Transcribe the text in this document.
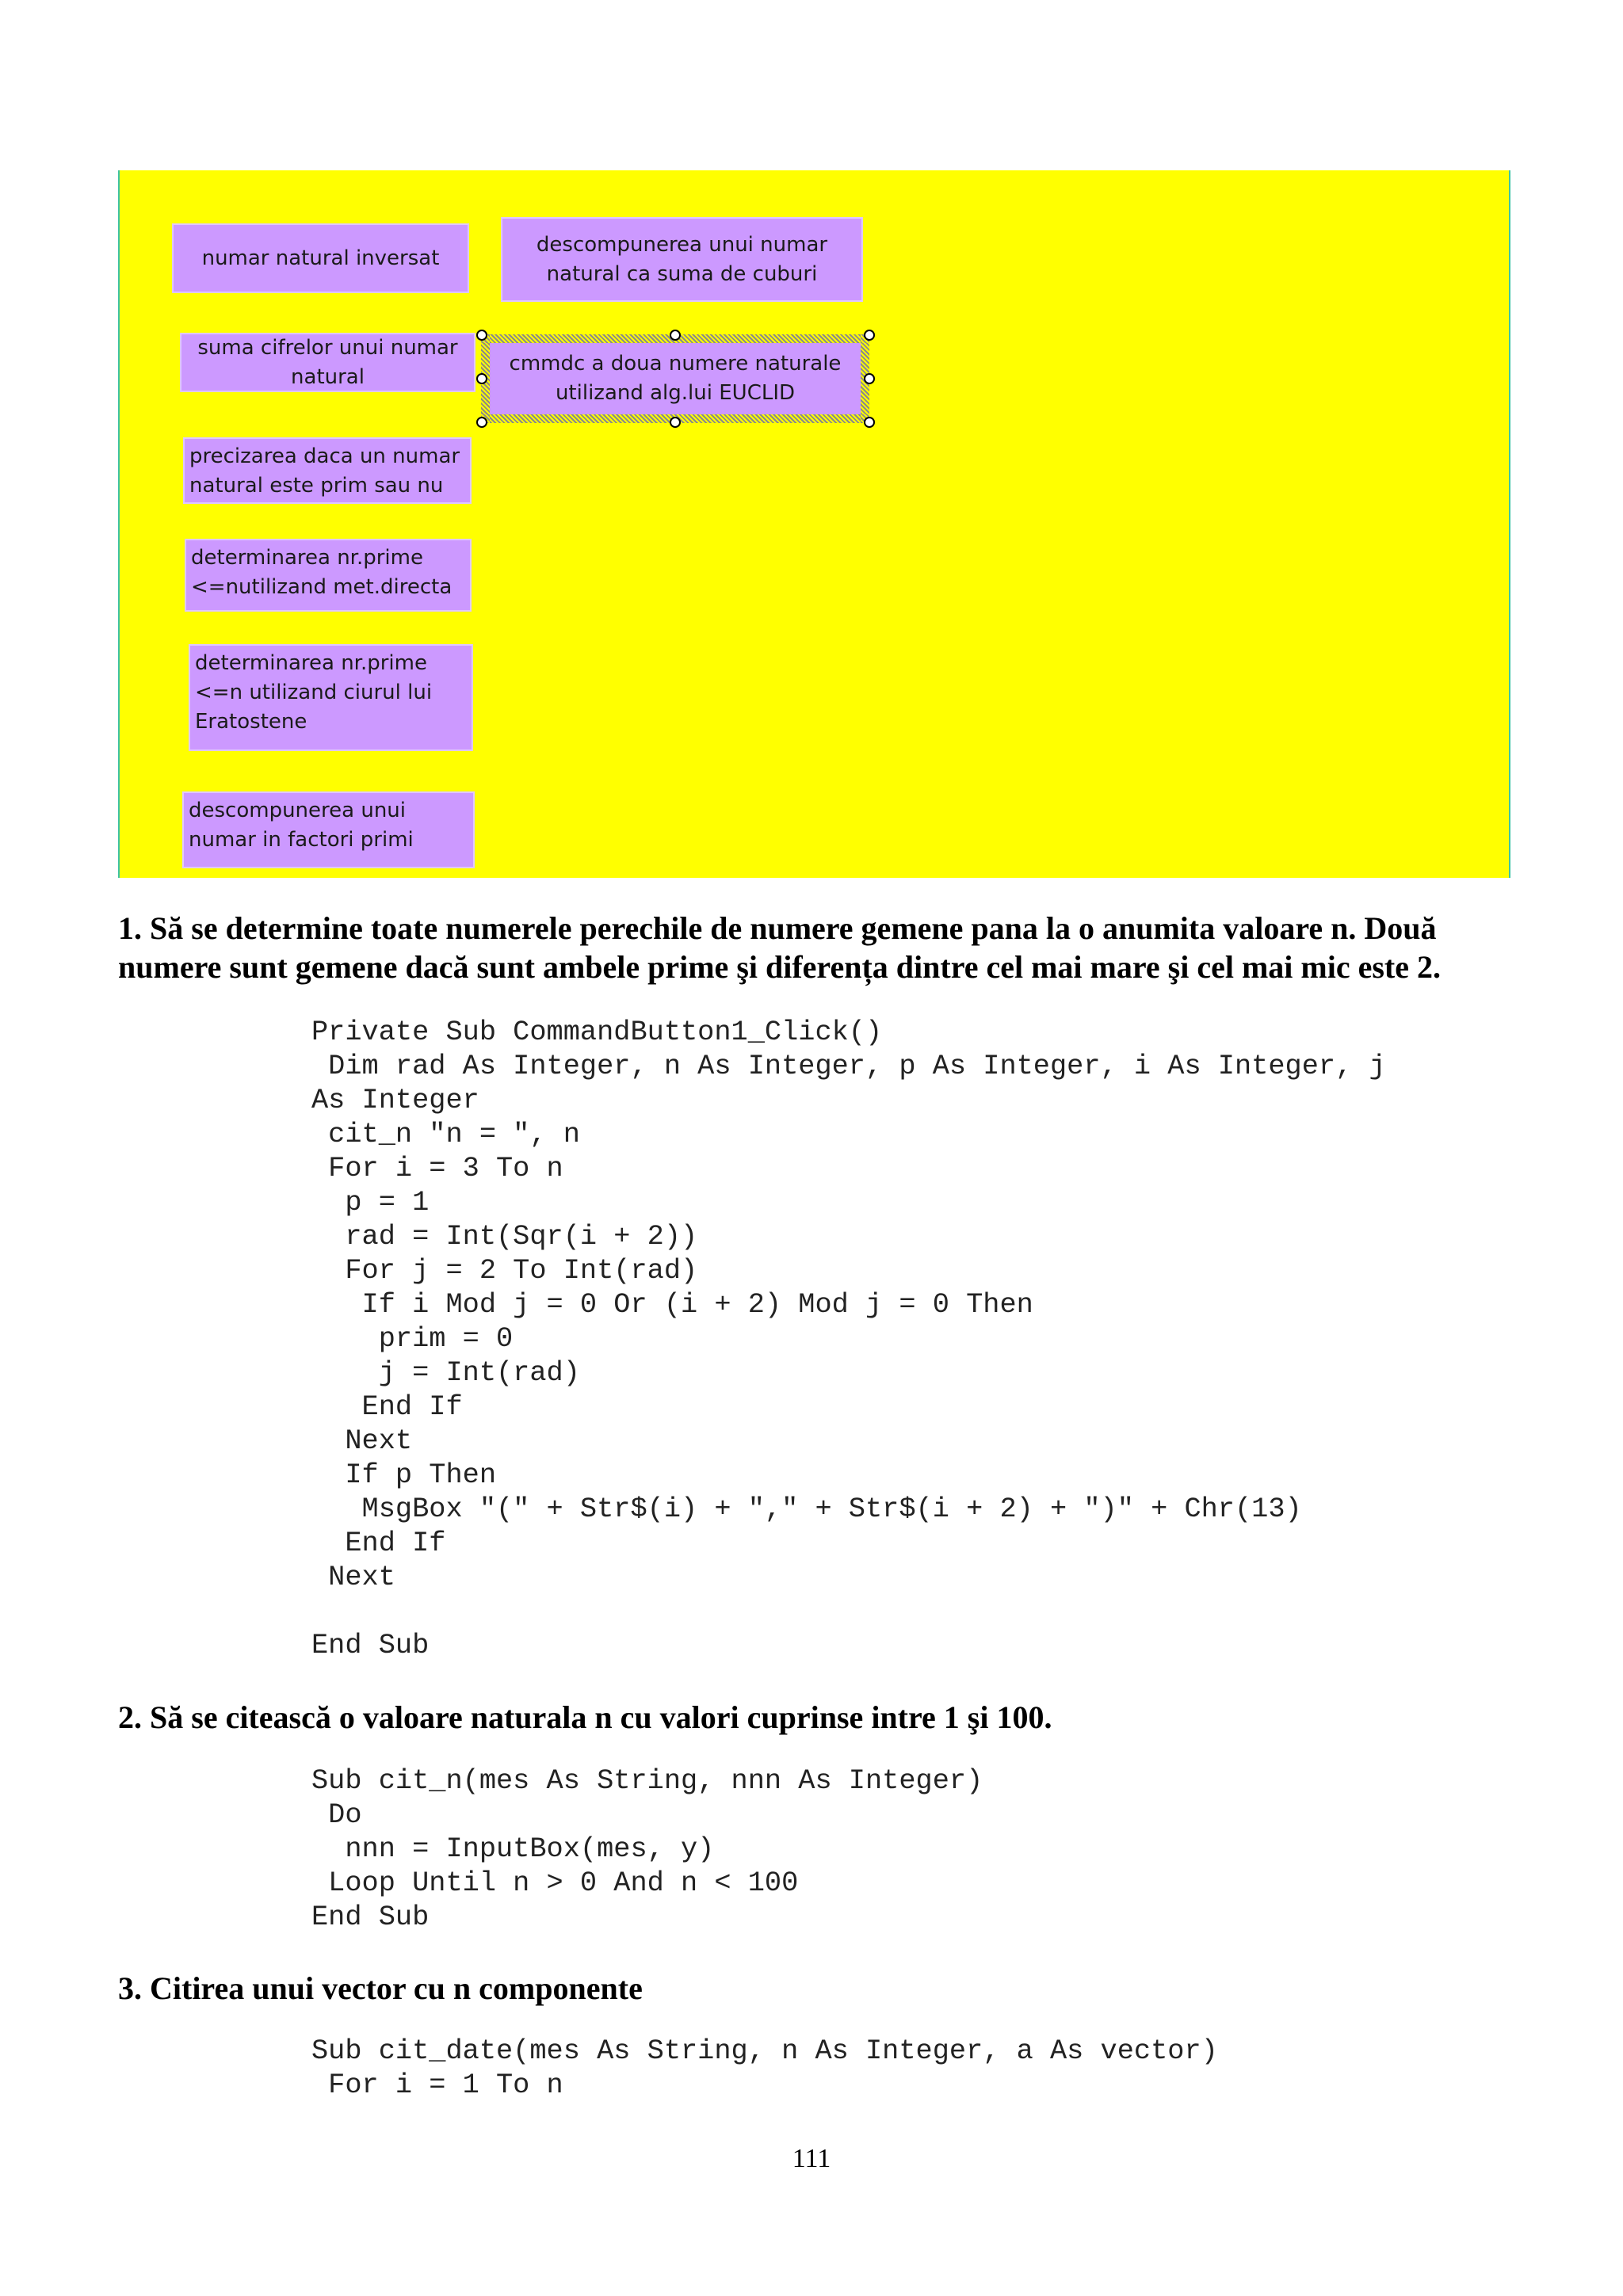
numar natural inversat
descompunerea unui numar
natural ca suma de cuburi
suma cifrelor unui numar
natural
precizarea daca un numar
natural este prim sau nu
determinarea nr.prime
<=nutilizand met.directa
determinarea nr.prime
<=n utilizand ciurul lui
Eratostene
descompunerea unui
numar in factori primi
cmmdc a doua numere naturale
utilizand alg.lui EUCLID
1. Să se determine toate numerele perechile de numere gemene pana la o anumita valoare n. Două
numere sunt gemene dacă sunt ambele prime şi diferența dintre cel mai mare şi cel mai mic este 2.
Private Sub CommandButton1_Click()
Dim rad As Integer, n As Integer, p As Integer, i As Integer, j
As Integer
cit_n "n = ", n
For i = 3 To n
p = 1
rad = Int(Sqr(i + 2))
For j = 2 To Int(rad)
If i Mod j = 0 Or (i + 2) Mod j = 0 Then
prim = 0
j = Int(rad)
End If
Next
If p Then
MsgBox "(" + Str$(i) + "," + Str$(i + 2) + ")" + Chr(13)
End If
Next

End Sub
2. Să se citească o valoare naturala n cu valori cuprinse intre 1 şi 100.
Sub cit_n(mes As String, nnn As Integer)
Do
nnn = InputBox(mes, y)
Loop Until n > 0 And n < 100
End Sub
3. Citirea unui vector cu n componente
Sub cit_date(mes As String, n As Integer, a As vector)
For i = 1 To n
111
